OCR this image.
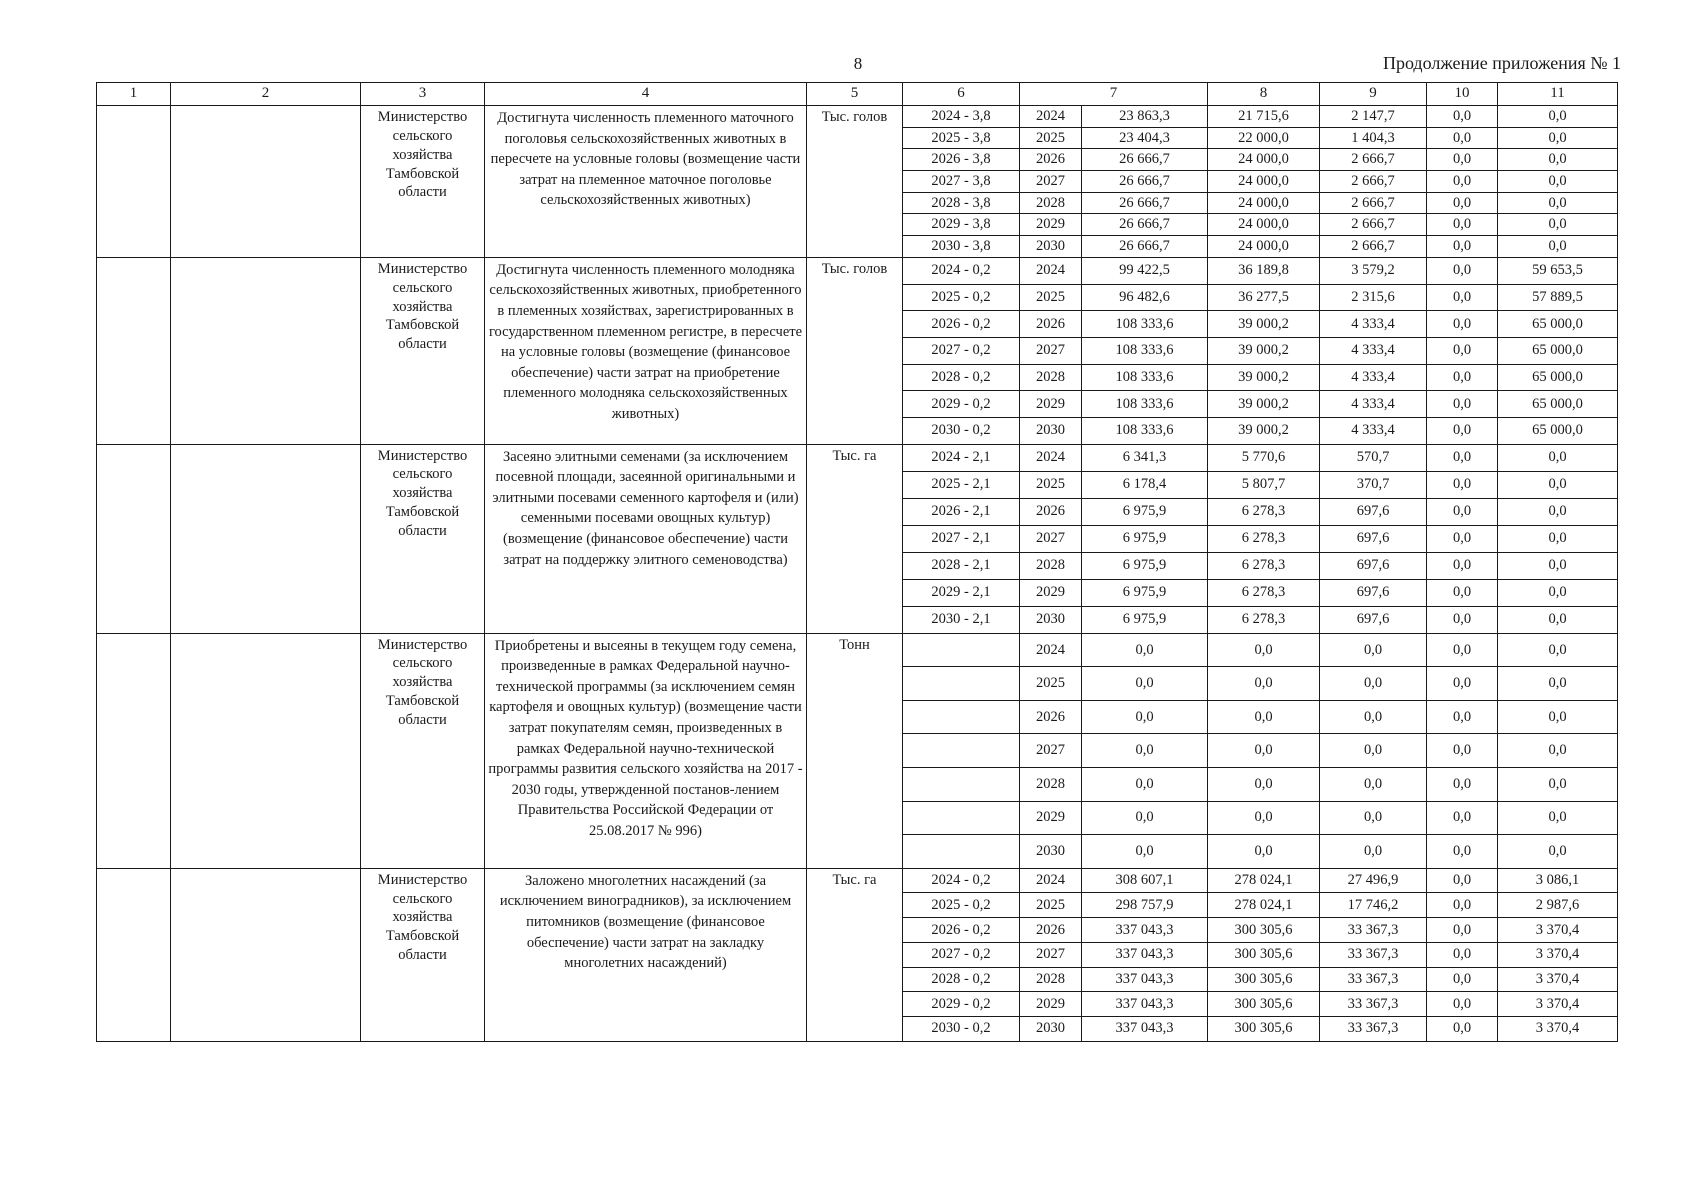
8	Продолжение приложения № 1
1	2	3	4	5	6	7		8	9	10	11
		Министерство сельского хозяйства Тамбовской области	Достигнута численность племенного маточного поголовья сельскохозяйственных животных в пересчете на условные головы (возмещение части затрат на племенное маточное поголовье сельскохозяйственных животных)	Тыс. голов	2024 - 3,8	2024	23 863,3	21 715,6	2 147,7	0,0	0,0
					2025 - 3,8	2025	23 404,3	22 000,0	1 404,3	0,0	0,0
					2026 - 3,8	2026	26 666,7	24 000,0	2 666,7	0,0	0,0
					2027 - 3,8	2027	26 666,7	24 000,0	2 666,7	0,0	0,0
					2028 - 3,8	2028	26 666,7	24 000,0	2 666,7	0,0	0,0
					2029 - 3,8	2029	26 666,7	24 000,0	2 666,7	0,0	0,0
					2030 - 3,8	2030	26 666,7	24 000,0	2 666,7	0,0	0,0
		Министерство сельского хозяйства Тамбовской области	Достигнута численность племенного молодняка сельскохозяйственных животных, приобретенного в племенных хозяйствах, зарегистрированных в государственном племенном регистре, в пересчете на условные головы (возмещение (финансовое обеспечение) части затрат на приобретение племенного молодняка сельскохозяйственных животных)	Тыс. голов	2024 - 0,2	2024	99 422,5	36 189,8	3 579,2	0,0	59 653,5
					2025 - 0,2	2025	96 482,6	36 277,5	2 315,6	0,0	57 889,5
					2026 - 0,2	2026	108 333,6	39 000,2	4 333,4	0,0	65 000,0
					2027 - 0,2	2027	108 333,6	39 000,2	4 333,4	0,0	65 000,0
					2028 - 0,2	2028	108 333,6	39 000,2	4 333,4	0,0	65 000,0
					2029 - 0,2	2029	108 333,6	39 000,2	4 333,4	0,0	65 000,0
					2030 - 0,2	2030	108 333,6	39 000,2	4 333,4	0,0	65 000,0
		Министерство сельского хозяйства Тамбовской области	Засеяно элитными семенами (за исключением посевной площади, засеянной оригинальными и элитными посевами семенного картофеля и (или) семенными посевами овощных культур) (возмещение (финансовое обеспечение) части затрат на поддержку элитного семеноводства)	Тыс. га	2024 - 2,1	2024	6 341,3	5 770,6	570,7	0,0	0,0
					2025 - 2,1	2025	6 178,4	5 807,7	370,7	0,0	0,0
					2026 - 2,1	2026	6 975,9	6 278,3	697,6	0,0	0,0
					2027 - 2,1	2027	6 975,9	6 278,3	697,6	0,0	0,0
					2028 - 2,1	2028	6 975,9	6 278,3	697,6	0,0	0,0
					2029 - 2,1	2029	6 975,9	6 278,3	697,6	0,0	0,0
					2030 - 2,1	2030	6 975,9	6 278,3	697,6	0,0	0,0
		Министерство сельского хозяйства Тамбовской области	Приобретены и высеяны в текущем году семена, произведенные в рамках Федеральной научно-технической программы (за исключением семян картофеля и овощных культур) (возмещение части затрат покупателям семян, произведенных в рамках Федеральной научно-технической программы развития сельского хозяйства на 2017 - 2030 годы, утвержденной постанов-лением Правительства Российской Федерации от 25.08.2017 № 996)	Тонн		2024	0,0	0,0	0,0	0,0	0,0
						2025	0,0	0,0	0,0	0,0	0,0
						2026	0,0	0,0	0,0	0,0	0,0
						2027	0,0	0,0	0,0	0,0	0,0
						2028	0,0	0,0	0,0	0,0	0,0
						2029	0,0	0,0	0,0	0,0	0,0
						2030	0,0	0,0	0,0	0,0	0,0
		Министерство сельского хозяйства Тамбовской области	Заложено многолетних насаждений (за исключением виноградников), за исключением питомников (возмещение (финансовое обеспечение) части затрат на закладку многолетних насаждений)	Тыс. га	2024 - 0,2	2024	308 607,1	278 024,1	27 496,9	0,0	3 086,1
					2025 - 0,2	2025	298 757,9	278 024,1	17 746,2	0,0	2 987,6
					2026 - 0,2	2026	337 043,3	300 305,6	33 367,3	0,0	3 370,4
					2027 - 0,2	2027	337 043,3	300 305,6	33 367,3	0,0	3 370,4
					2028 - 0,2	2028	337 043,3	300 305,6	33 367,3	0,0	3 370,4
					2029 - 0,2	2029	337 043,3	300 305,6	33 367,3	0,0	3 370,4
					2030 - 0,2	2030	337 043,3	300 305,6	33 367,3	0,0	3 370,4
